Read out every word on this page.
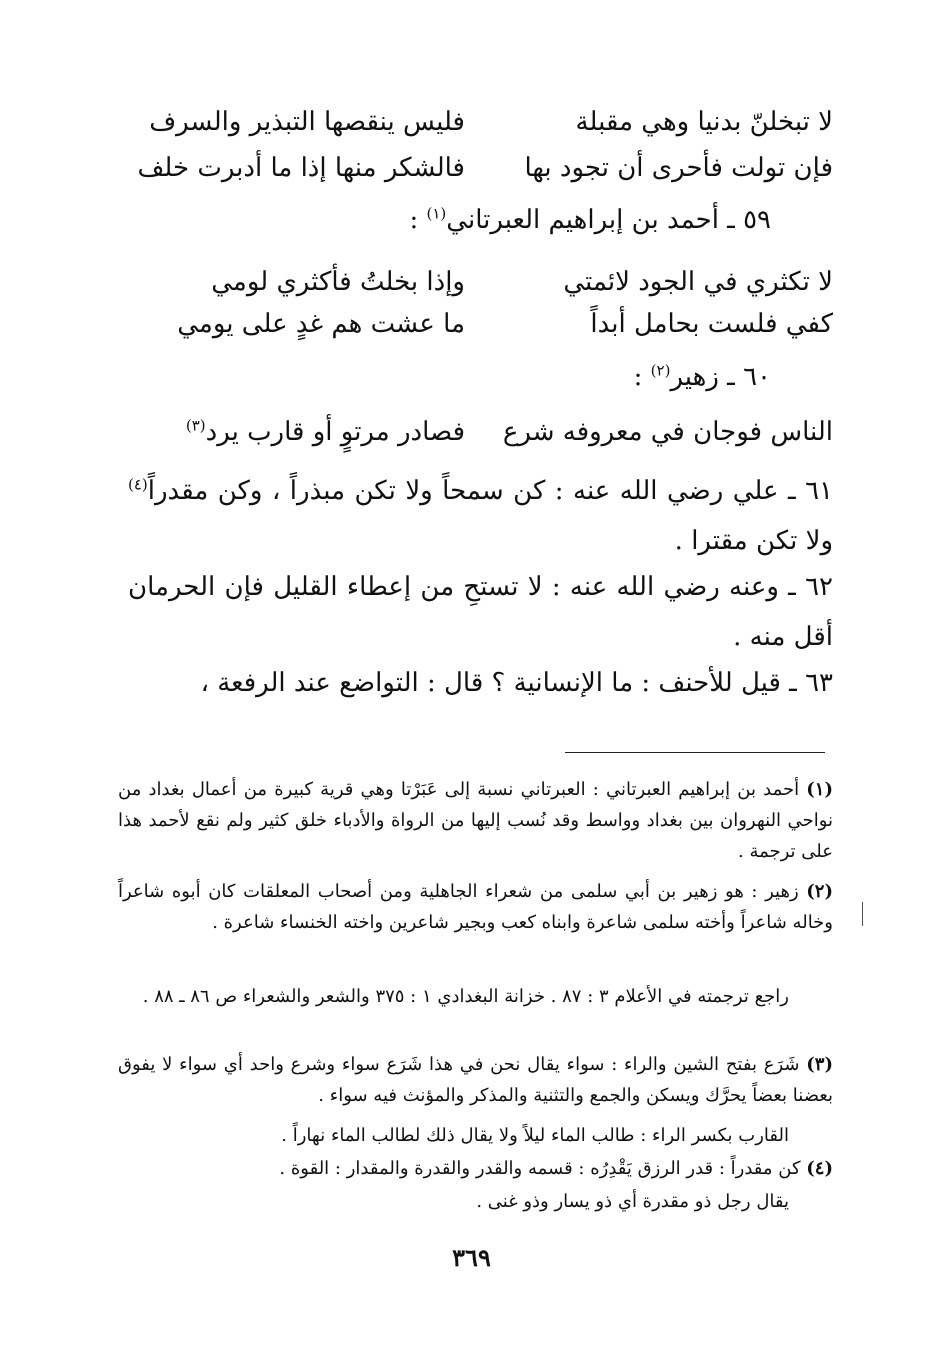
لا تبخلنّ بدنيا وهي مقبلة
فليس ينقصها التبذير والسرف
فإن تولت فأحرى أن تجود بها
فالشكر منها إذا ما أدبرت خلف
٥٩ ـ أحمد بن إبراهيم العبرتاني$^{(١)}$ :
لا تكثري في الجود لائمتي
وإذا بخلتُ فأكثري لومي
كفي فلست بحامل أبداً
ما عشت هم غدٍ على يومي
٦٠ ـ زهير$^{(٢)}$ :
الناس فوجان في معروفه شرع
فصادر مرتوٍ أو قارب يرد$^{(٣)}$
٦١ ـ علي رضي الله عنه : كن سمحاً ولا تكن مبذراً ، وكن مقدراً$^{(٤)}$ ولا تكن مقترا .
٦٢ ـ وعنه رضي الله عنه : لا تستحِ من إعطاء القليل فإن الحرمان أقل منه .
٦٣ ـ قيل للأحنف : ما الإنسانية ؟ قال : التواضع عند الرفعة ،
(١) أحمد بن إبراهيم العبرتاني : العبرتاني نسبة إلى عَبَرْتا وهي قرية كبيرة من أعمال بغداد من نواحي النهروان بين بغداد وواسط وقد نُسب إليها من الرواة والأدباء خلق كثير ولم نقع لأحمد هذا على ترجمة .
(٢) زهير : هو زهير بن أبي سلمى من شعراء الجاهلية ومن أصحاب المعلقات كان أبوه شاعراً وخاله شاعراً وأخته سلمى شاعرة وابناه كعب وبجير شاعرين واخته الخنساء شاعرة .
راجع ترجمته في الأعلام ٣ : ٨٧ . خزانة البغدادي ١ : ٣٧٥ والشعر والشعراء ص ٨٦ ـ ٨٨ .
(٣) شَرَع بفتح الشين والراء : سواء يقال نحن في هذا شَرَع سواء وشرع واحد أي سواء لا يفوق بعضنا بعضاً يحرَّك ويسكن والجمع والتثنية والمذكر والمؤنث فيه سواء .
القارب بكسر الراء : طالب الماء ليلاً ولا يقال ذلك لطالب الماء نهاراً .
(٤) كن مقدراً : قدر الرزق يَقْدِرُه : قسمه والقدر والقدرة والمقدار : القوة .
يقال رجل ذو مقدرة أي ذو يسار وذو غنى .
٣٦٩
